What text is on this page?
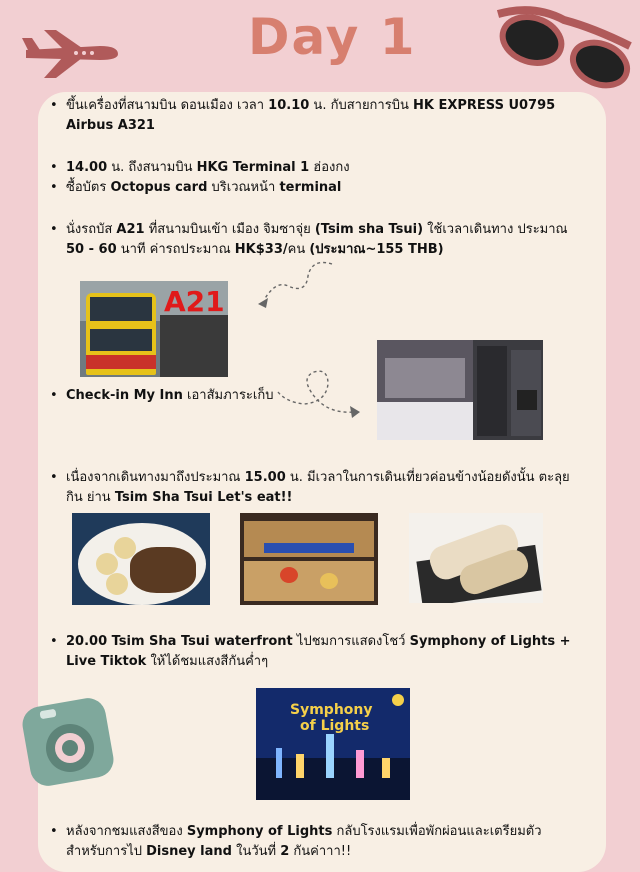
Day 1
• ขึ้นเครื่องที่สนามบิน ดอนเมือง เวลา 10.10 น. กับสายการบิน HK EXPRESS U0795 Airbus A321
• 14.00 น. ถึงสนามบิน HKG Terminal 1 ฮ่องกง
• ซื้อบัตร Octopus card บริเวณหน้า terminal
• นั่งรถบัส A21 ที่สนามบินเข้า เมือง จิมซาจุ่ย (Tsim sha Tsui) ใช้เวลาเดินทาง ประมาณ 50 - 60 นาที ค่ารถประมาณ HK$33/คน (ประมาณ~155 THB)
A21
• Check-in My Inn เอาสัมภาระเก็บ
• เนื่องจากเดินทางมาถึงประมาณ 15.00 น. มีเวลาในการเดินเที่ยวค่อนข้างน้อยดังนั้น ตะลุยกิน ย่าน Tsim Sha Tsui Let's eat!!
• 20.00 Tsim Sha Tsui waterfront ไปชมการแสดงโชว์ Symphony of Lights +
Live Tiktok ให้ได้ชมแสงสีกันค่ำๆ
Symphony
of Lights
• หลังจากชมแสงสีของ Symphony of Lights กลับโรงแรมเพื่อพักผ่อนและเตรียมตัวสำหรับการไป Disney land ในวันที่ 2 กันค่าาา!!
